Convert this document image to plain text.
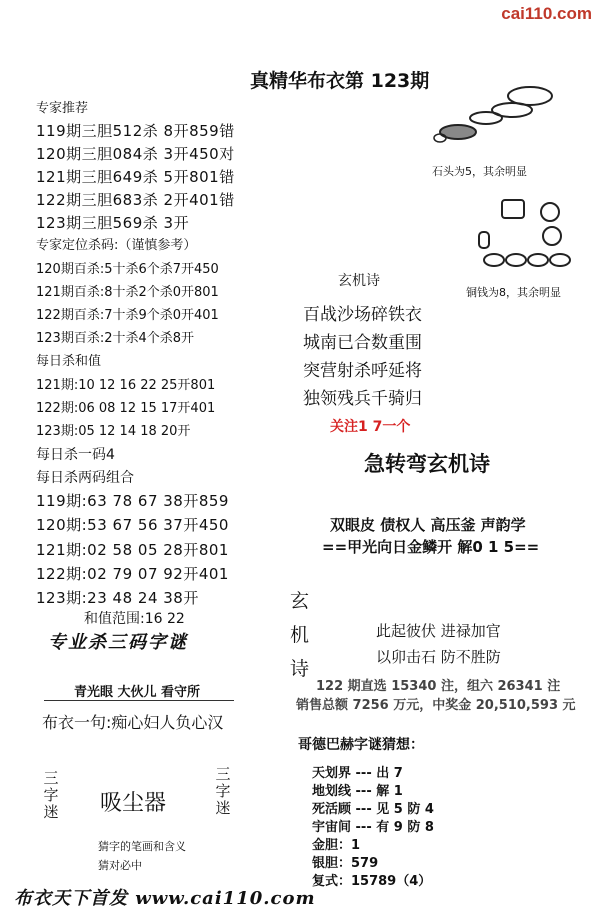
cai110.com
真精华布衣第 123期
专家推荐
119期三胆512杀 8开859错
120期三胆084杀 3开450对
121期三胆649杀 5开801错
122期三胆683杀 2开401错
123期三胆569杀 3开
专家定位杀码:（谨慎参考）
120期百杀:5十杀6个杀7开450
121期百杀:8十杀2个杀0开801
122期百杀:7十杀9个杀0开401
123期百杀:2十杀4个杀8开
每日杀和值
121期:10 12 16 22 25开801
122期:06 08 12 15 17开401
123期:05 12 14 18 20开
每日杀一码4
每日杀两码组合
119期:63 78 67 38开859
120期:53 67 56 37开450
121期:02 58 05 28开801
122期:02 79 07 92开401
123期:23 48 24 38开
和值范围:16 22
专业杀三码字谜
青光眼 大伙儿 看守所
布衣一句:痴心妇人负心汉
三字迷 吸尘器
三字迷
猜字的笔画和含义
猜对必中
石头为5，其余明显
铜钱为8，其余明显
玄机诗
百战沙场碎铁衣
城南已合数重围
突营射杀呼延将
独领残兵千骑归
关注1 7一个
急转弯玄机诗
双眼皮 债权人 高压釜 声韵学
==甲光向日金鳞开 解0 1 5==
玄
机
诗
此起彼伏 进禄加官
以卯击石 防不胜防
122 期直选 15340 注，组六 26341 注
销售总额 7256 万元，中奖金 20,510,593 元
哥德巴赫字谜猜想：
天划界 --- 出 7
地划线 --- 解 1
死活顾 --- 见 5 防 4
宇宙间 --- 有 9 防 8
金胆：1
银胆：579
复式：15789（4）
布衣天下首发 www.cai110.com
